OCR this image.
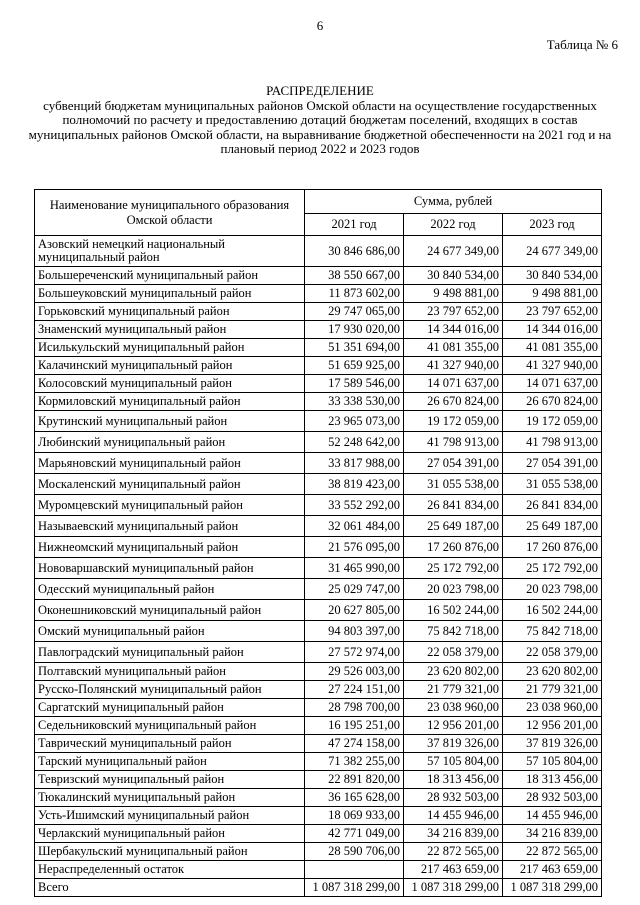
6
Таблица № 6
РАСПРЕДЕЛЕНИЕ
субвенций бюджетам муниципальных районов Омской области на осуществление государственных
полномочий по расчету и предоставлению дотаций бюджетам поселений, входящих в состав
муниципальных районов Омской области, на выравнивание бюджетной обеспеченности на 2021 год и на
плановый период 2022 и 2023 годов
Наименование муниципального образования Омской области	Сумма, рублей		
	2021 год	2022 год	2023 год
Азовский немецкий национальный муниципальный район	30 846 686,00	24 677 349,00	24 677 349,00
Большереченский муниципальный район	38 550 667,00	30 840 534,00	30 840 534,00
Большеуковский муниципальный район	11 873 602,00	9 498 881,00	9 498 881,00
Горьковский муниципальный район	29 747 065,00	23 797 652,00	23 797 652,00
Знаменский муниципальный район	17 930 020,00	14 344 016,00	14 344 016,00
Исилькульский муниципальный район	51 351 694,00	41 081 355,00	41 081 355,00
Калачинский муниципальный район	51 659 925,00	41 327 940,00	41 327 940,00
Колосовский муниципальный район	17 589 546,00	14 071 637,00	14 071 637,00
Кормиловский муниципальный район	33 338 530,00	26 670 824,00	26 670 824,00
Крутинский муниципальный район	23 965 073,00	19 172 059,00	19 172 059,00
Любинский муниципальный район	52 248 642,00	41 798 913,00	41 798 913,00
Марьяновский муниципальный район	33 817 988,00	27 054 391,00	27 054 391,00
Москаленский муниципальный район	38 819 423,00	31 055 538,00	31 055 538,00
Муромцевский муниципальный район	33 552 292,00	26 841 834,00	26 841 834,00
Называевский муниципальный район	32 061 484,00	25 649 187,00	25 649 187,00
Нижнеомский муниципальный район	21 576 095,00	17 260 876,00	17 260 876,00
Нововаршавский муниципальный район	31 465 990,00	25 172 792,00	25 172 792,00
Одесский муниципальный район	25 029 747,00	20 023 798,00	20 023 798,00
Оконешниковский муниципальный район	20 627 805,00	16 502 244,00	16 502 244,00
Омский муниципальный район	94 803 397,00	75 842 718,00	75 842 718,00
Павлоградский муниципальный район	27 572 974,00	22 058 379,00	22 058 379,00
Полтавский муниципальный район	29 526 003,00	23 620 802,00	23 620 802,00
Русско-Полянский муниципальный район	27 224 151,00	21 779 321,00	21 779 321,00
Саргатский муниципальный район	28 798 700,00	23 038 960,00	23 038 960,00
Седельниковский муниципальный район	16 195 251,00	12 956 201,00	12 956 201,00
Таврический муниципальный район	47 274 158,00	37 819 326,00	37 819 326,00
Тарский муниципальный район	71 382 255,00	57 105 804,00	57 105 804,00
Тевризский муниципальный район	22 891 820,00	18 313 456,00	18 313 456,00
Тюкалинский муниципальный район	36 165 628,00	28 932 503,00	28 932 503,00
Усть-Ишимский муниципальный район	18 069 933,00	14 455 946,00	14 455 946,00
Черлакский муниципальный район	42 771 049,00	34 216 839,00	34 216 839,00
Шербакульский муниципальный район	28 590 706,00	22 872 565,00	22 872 565,00
Нераспределенный остаток		217 463 659,00	217 463 659,00
Всего	1 087 318 299,00	1 087 318 299,00	1 087 318 299,00
